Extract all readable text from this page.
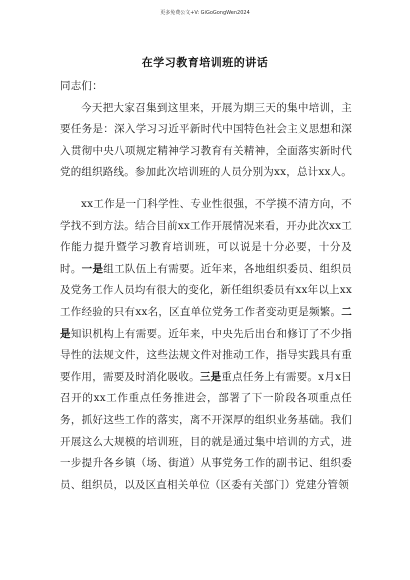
更多免费公文+V: GiGoGongWen2024
在学习教育培训班的讲话

同志们：

今天把大家召集到这里来，开展为期三天的集中培训，主要任务是：深入学习习近平新时代中国特色社会主义思想和深入贯彻中央八项规定精神学习教育有关精神，全面落实新时代党的组织路线。参加此次培训班的人员分别为xx，总计xx人。

xx工作是一门科学性、专业性很强，不学摸不清方向，不学找不到方法。结合目前xx工作开展情况来看，开办此次xx工作能力提升暨学习教育培训班，可以说是十分必要，十分及时。一是组工队伍上有需要。近年来，各地组织委员、组织员及党务工作人员均有很大的变化，新任组织委员有xx年以上xx工作经验的只有xx名，区直单位党务工作者变动更是频繁。二是知识机构上有需要。近年来，中央先后出台和修订了不少指导性的法规文件，这些法规文件对推动工作，指导实践具有重要作用，需要及时消化吸收。三是重点任务上有需要。x月x日召开的xx工作重点任务推进会，部署了下一阶段各项重点任务，抓好这些工作的落实，离不开深厚的组织业务基础。我们开展这么大规模的培训班，目的就是通过集中培训的方式，进一步提升各乡镇（场、街道）从事党务工作的副书记、组织委员、组织员，以及区直相关单位（区委有关部门）党建分管领
